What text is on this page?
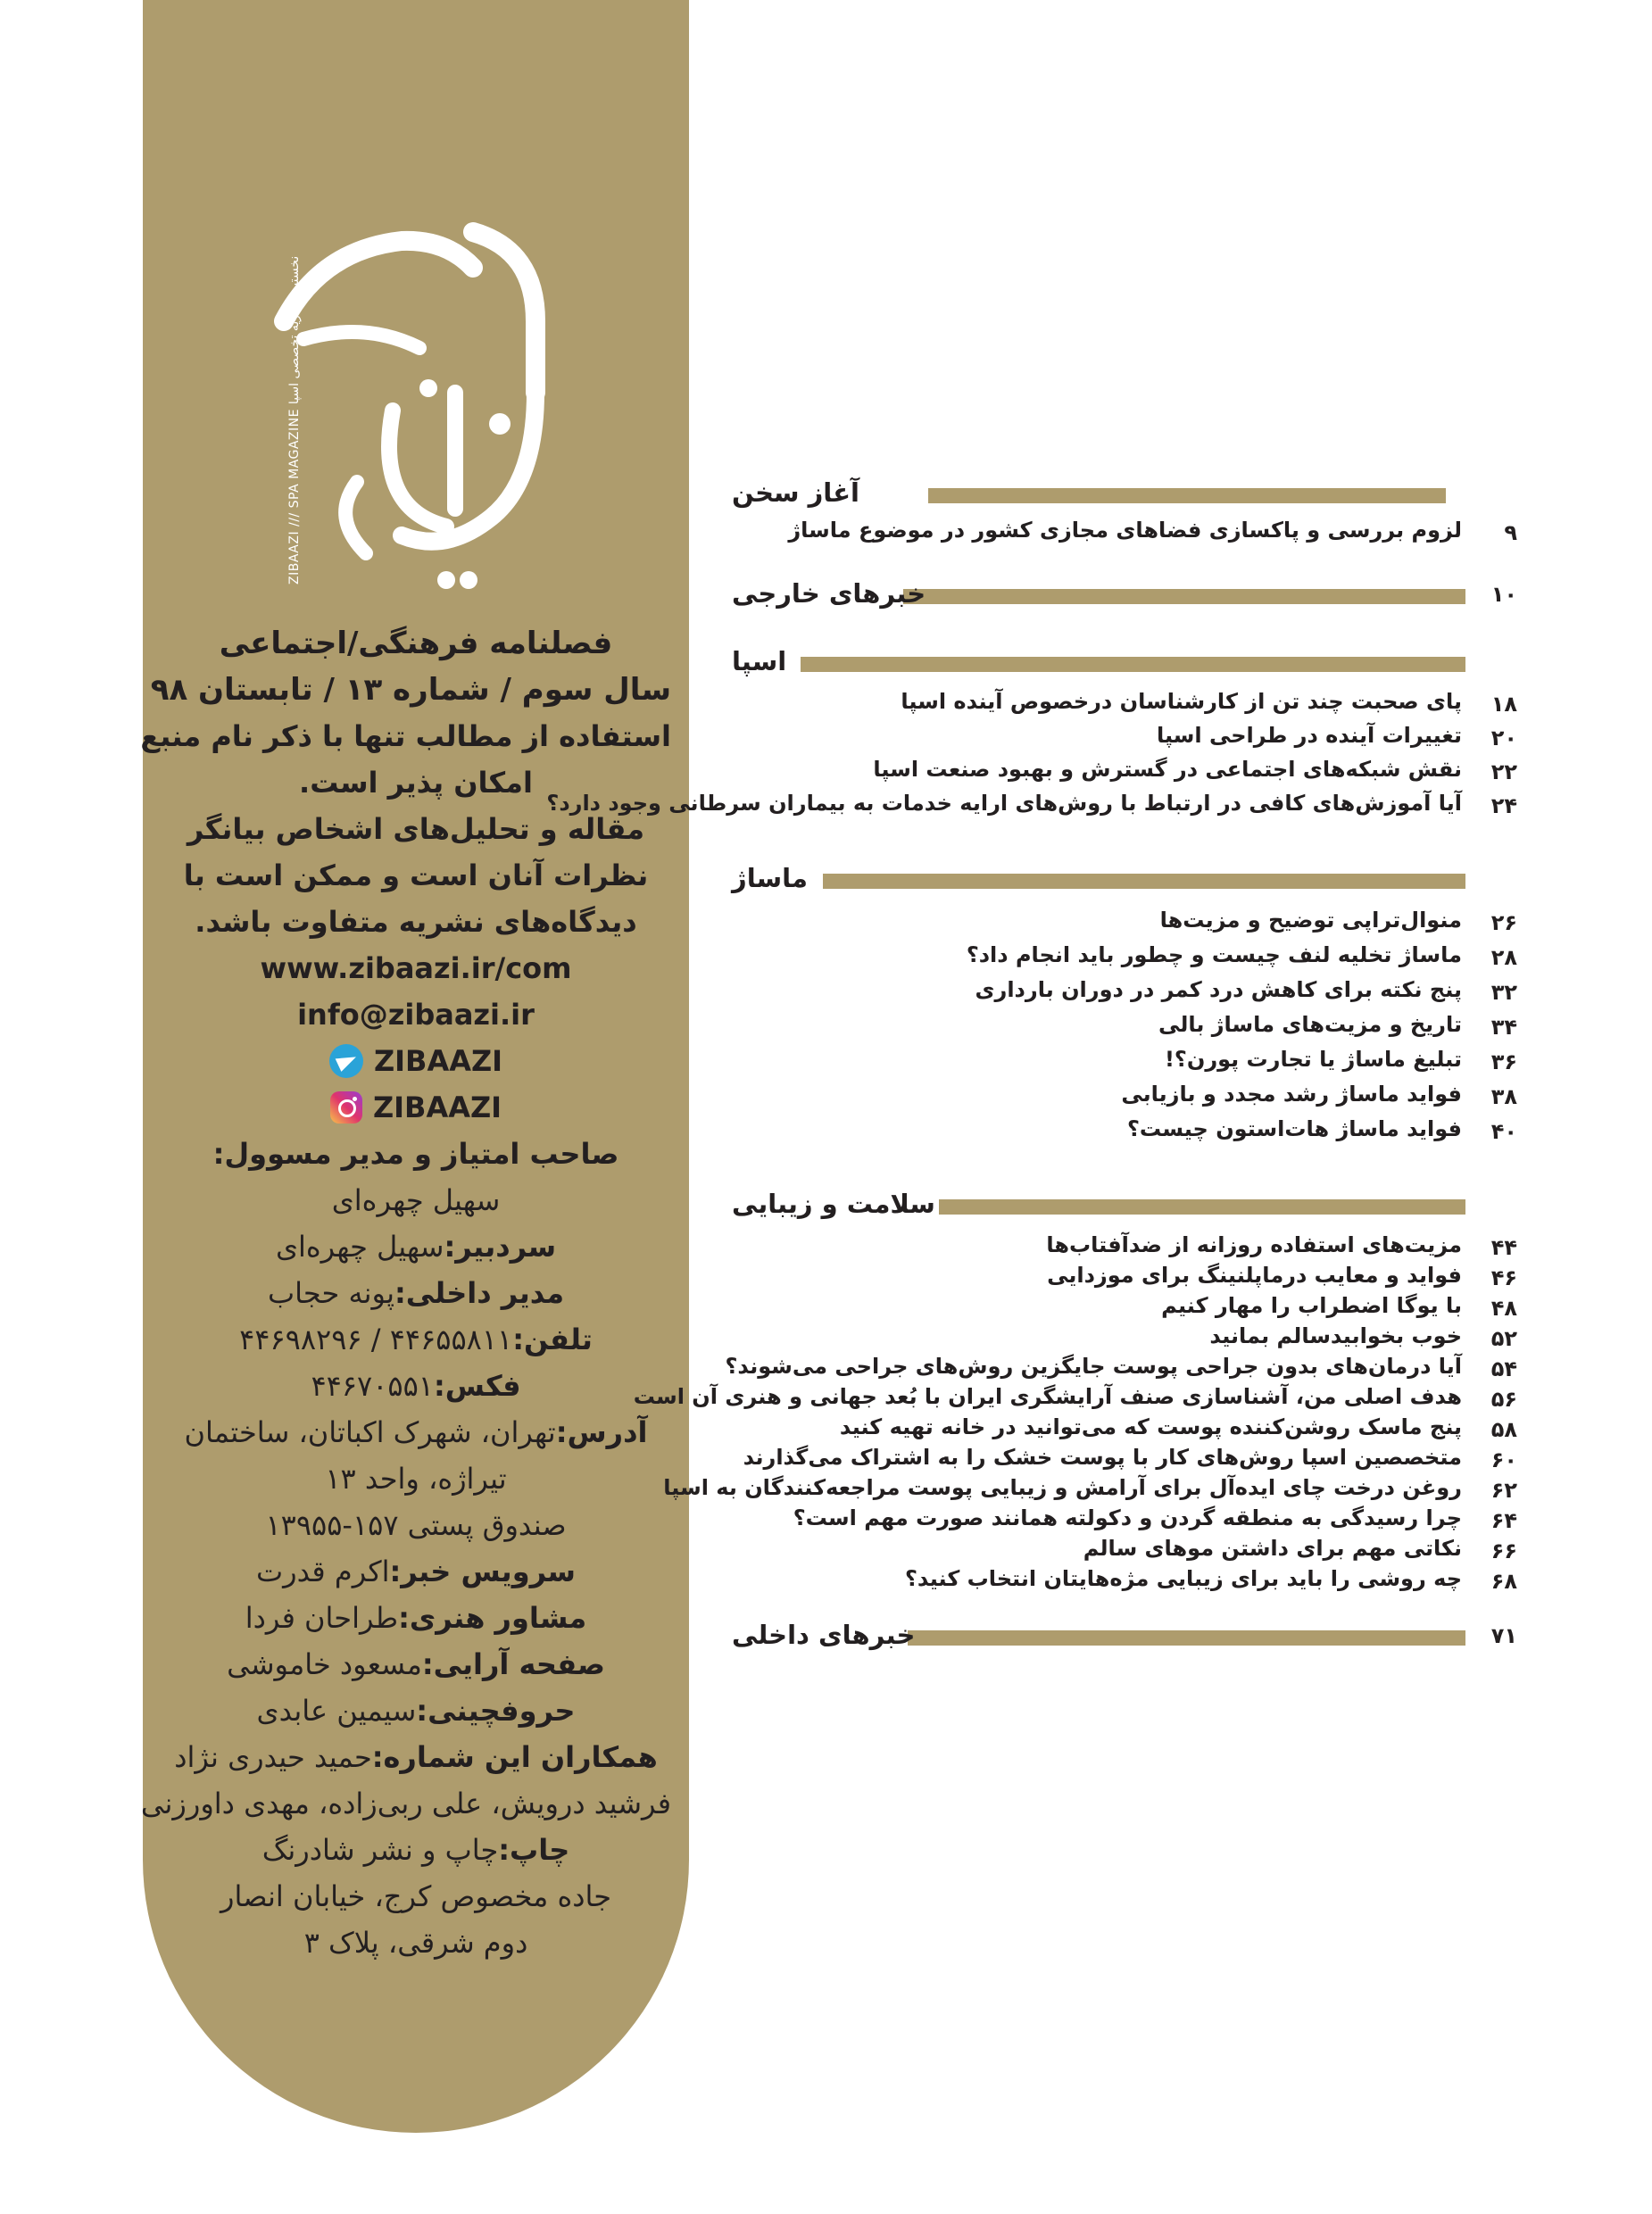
ZIBAAZI /// SPA MAGAZINE نخستین نشریه تخصصی اسپا
فصلنامه فرهنگی/اجتماعی
سال سوم / شماره ۱۳ / تابستان ۹۸
استفاده از مطالب تنها با ذکر نام منبع
امکان پذیر است.
مقاله و تحلیل‌های اشخاص بیانگر
نظرات آنان است و ممکن است با
دیدگاه‌های نشریه متفاوت باشد.
www.zibaazi.ir/com
info@zibaazi.ir
ZIBAAZI
ZIBAAZI
صاحب امتیاز و مدیر مسوول:
سهیل چهره‌ای
سردبیر:سهیل چهره‌ای
مدیر داخلی:پونه حجاب
تلفن:۴۴۶۵۵۸۱۱ / ۴۴۶۹۸۲۹۶
فکس:۴۴۶۷۰۵۵۱
آدرس:تهران، شهرک اکباتان، ساختمان
تیراژه، واحد ۱۳
صندوق پستی ۱۵۷-۱۳۹۵۵
سرویس خبر:اکرم قدرت
مشاور هنری:طراحان فردا
صفحه آرایی:مسعود خاموشی
حروفچینی:سیمین عابدی
همکاران این شماره:حمید حیدری نژاد
فرشید درویش، علی ربی‌زاده، مهدی داورزنی
چاپ:چاپ و نشر شادرنگ
جاده مخصوص کرج، خیابان انصار
دوم شرقی، پلاک ۳
آغاز سخن
۹
لزوم بررسی و پاکسازی فضاهای مجازی کشور در موضوع ماساژ
۱۰
خبرهای خارجی
اسپا
۱۸
پای صحبت چند تن از کارشناسان درخصوص آینده اسپا
۲۰
تغییرات آینده در طراحی اسپا
۲۲
نقش شبکه‌های اجتماعی در گسترش و بهبود صنعت اسپا
۲۴
آیا آموزش‌های کافی در ارتباط با روش‌های ارایه خدمات به بیماران سرطانی وجود دارد؟
ماساژ
۲۶
منوال‌تراپی توضیح و مزیت‌ها
۲۸
ماساژ تخلیه لنف چیست و چطور باید انجام داد؟
۳۲
پنج نکته برای کاهش درد کمر در دوران بارداری
۳۴
تاریخ و مزیت‌های ماساژ بالی
۳۶
تبلیغ ماساژ یا تجارت پورن؟!
۳۸
فواید ماساژ رشد مجدد و بازیابی
۴۰
فواید ماساژ هات‌استون چیست؟
سلامت و زیبایی
۴۴
مزیت‌های استفاده روزانه از ضدآفتاب‌ها
۴۶
فواید و معایب درماپلنینگ برای موزدایی
۴۸
با یوگا اضطراب را مهار کنیم
۵۲
خوب بخوابیدسالم بمانید
۵۴
آیا درمان‌های بدون جراحی پوست جایگزین روش‌های جراحی می‌شوند؟
۵۶
هدف اصلی من، آشناسازی صنف آرایشگری ایران با بُعد جهانی و هنری آن است
۵۸
پنج ماسک روشن‌کننده پوست که می‌توانید در خانه تهیه کنید
۶۰
متخصصین اسپا روش‌های کار با پوست خشک را به اشتراک می‌گذارند
۶۲
روغن درخت چای ایده‌آل برای آرامش و زیبایی پوست مراجعه‌کنندگان به اسپا
۶۴
چرا رسیدگی به منطقه گردن و دکولته همانند صورت مهم است؟
۶۶
نکاتی مهم برای داشتن موهای سالم
۶۸
چه روشی را باید برای زیبایی مژه‌هایتان انتخاب کنید؟
۷۱
خبرهای داخلی
